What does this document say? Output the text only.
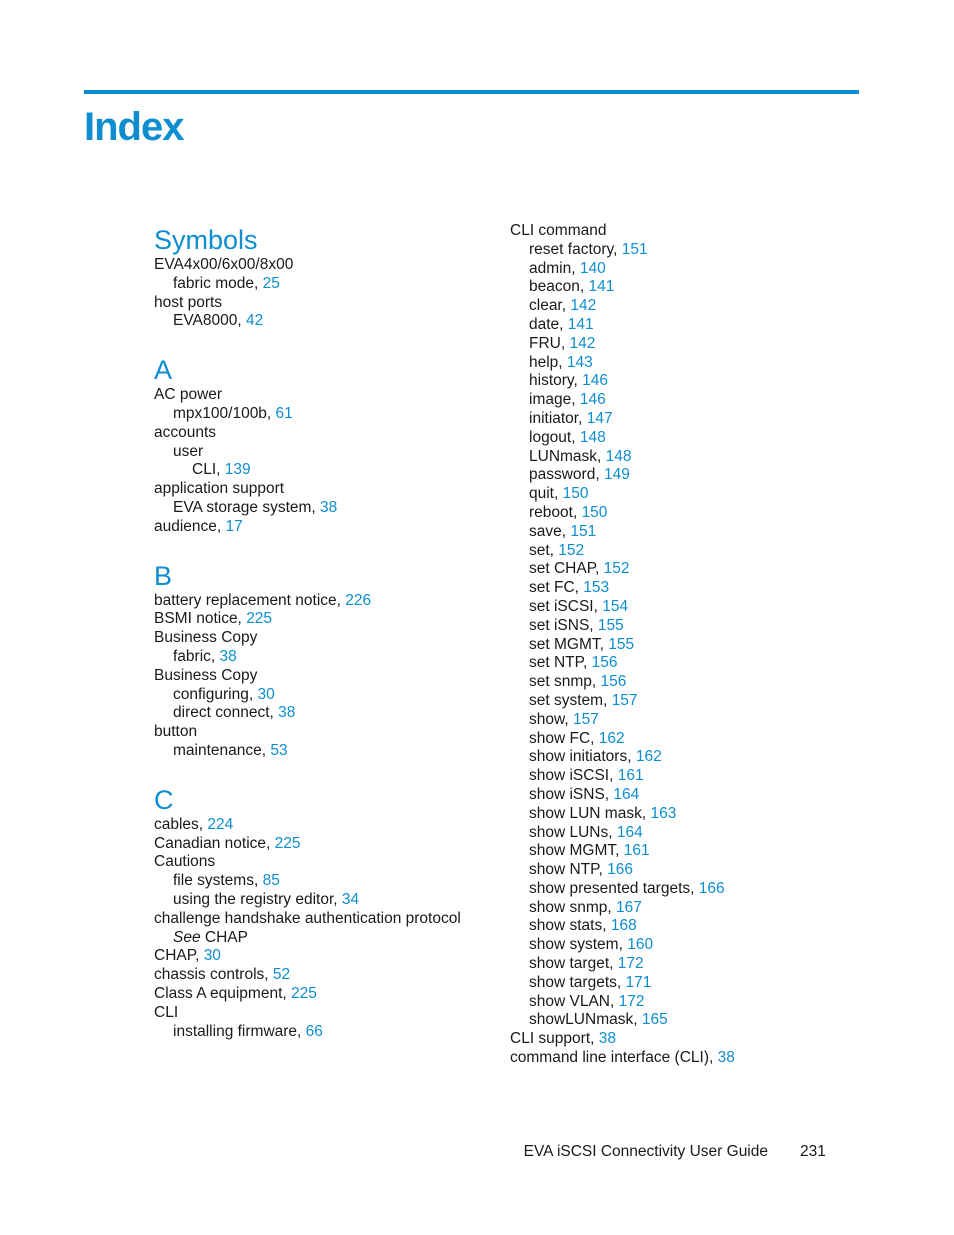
Index
Symbols
EVA4x00/6x00/8x00
fabric mode, 25
host ports
EVA8000, 42
A
AC power
mpx100/100b, 61
accounts
user
CLI, 139
application support
EVA storage system, 38
audience, 17
B
battery replacement notice, 226
BSMI notice, 225
Business Copy
fabric, 38
Business Copy
configuring, 30
direct connect, 38
button
maintenance, 53
C
cables, 224
Canadian notice, 225
Cautions
file systems, 85
using the registry editor, 34
challenge handshake authentication protocol
See CHAP
CHAP, 30
chassis controls, 52
Class A equipment, 225
CLI
installing firmware, 66
CLI command
reset factory, 151
admin, 140
beacon, 141
clear, 142
date, 141
FRU, 142
help, 143
history, 146
image, 146
initiator, 147
logout, 148
LUNmask, 148
password, 149
quit, 150
reboot, 150
save, 151
set, 152
set CHAP, 152
set FC, 153
set iSCSI, 154
set iSNS, 155
set MGMT, 155
set NTP, 156
set snmp, 156
set system, 157
show, 157
show FC, 162
show initiators, 162
show iSCSI, 161
show iSNS, 164
show LUN mask, 163
show LUNs, 164
show MGMT, 161
show NTP, 166
show presented targets, 166
show snmp, 167
show stats, 168
show system, 160
show target, 172
show targets, 171
show VLAN, 172
showLUNmask, 165
CLI support, 38
command line interface (CLI), 38
EVA iSCSI Connectivity User Guide 231
